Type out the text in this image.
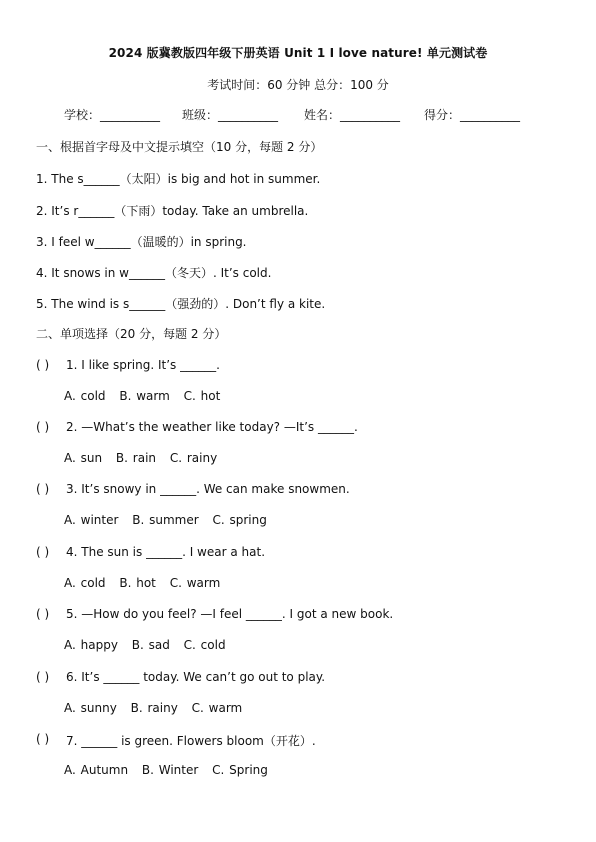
2024 版冀教版四年级下册英语 Unit 1 I love nature! 单元测试卷
考试时间：60 分钟 总分：100 分
学校：__________ 班级：__________ 姓名：__________ 得分：__________
一、根据首字母及中文提示填空（10 分，每题 2 分）
1. The s______（太阳）is big and hot in summer.
2. It’s r______（下雨）today. Take an umbrella.
3. I feel w______（温暖的）in spring.
4. It snows in w______（冬天）. It’s cold.
5. The wind is s______（强劲的）. Don’t fly a kite.
二、单项选择（20 分，每题 2 分）
( ) 1. I like spring. It’s ______.
A. cold B. warm C. hot
( ) 2. —What’s the weather like today? —It’s ______.
A. sun B. rain C. rainy
( ) 3. It’s snowy in ______. We can make snowmen.
A. winter B. summer C. spring
( ) 4. The sun is ______. I wear a hat.
A. cold B. hot C. warm
( ) 5. —How do you feel? —I feel ______. I got a new book.
A. happy B. sad C. cold
( ) 6. It’s ______ today. We can’t go out to play.
A. sunny B. rainy C. warm
( ) 7. ______ is green. Flowers bloom（开花）.
A. Autumn B. Winter C. Spring
